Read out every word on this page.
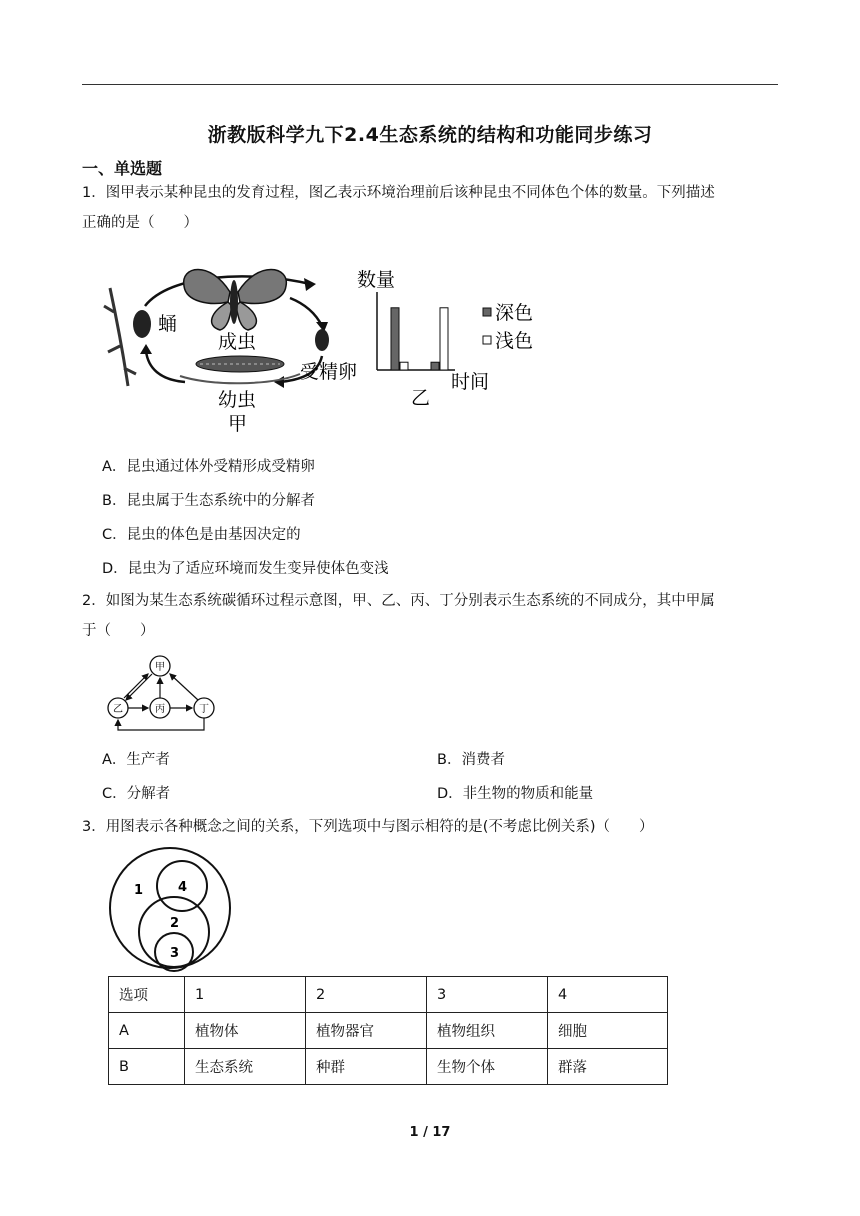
浙教版科学九下2.4生态系统的结构和功能同步练习
一、单选题
1．图甲表示某种昆虫的发育过程，图乙表示环境治理前后该种昆虫不同体色个体的数量。下列描述
正确的是（　　）
蛹
成虫
受精卵
幼虫
甲
数量
深色
浅色
时间
乙
A．昆虫通过体外受精形成受精卵
B．昆虫属于生态系统中的分解者
C．昆虫的体色是由基因决定的
D．昆虫为了适应环境而发生变异使体色变浅
2．如图为某生态系统碳循环过程示意图，甲、乙、丙、丁分别表示生态系统的不同成分，其中甲属
于（　　）
甲
乙	丙	丁
A．生产者	B．消费者
C．分解者	D．非生物的物质和能量
3．用图表示各种概念之间的关系，下列选项中与图示相符的是(不考虑比例关系)（　　）
1	4
2
3
选项	1	2	3	4
A	植物体	植物器官	植物组织	细胞
B	生态系统	种群	生物个体	群落
1 / 17
